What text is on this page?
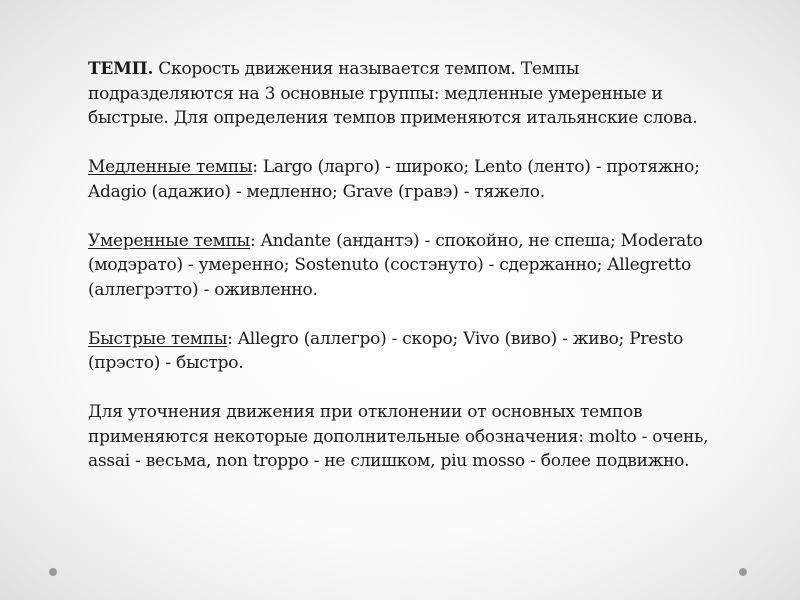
ТЕМП. Скорость движения называется темпом. Темпы подразделяются на 3 основные группы: медленные умеренные и быстрые. Для определения темпов применяются итальянские слова.

Медленные темпы: Largo (ларго) - широко; Lento (ленто) - протяжно; Adagio (адажио) - медленно; Grave (гравэ) - тяжело.

Умеренные темпы: Andante (андантэ) - спокойно, не спеша; Moderato (модэрато) - умеренно; Sostenuto (состэнуто) - сдержанно; Allegretto (аллегрэтто) - оживленно.

Быстрые темпы: Allegro (аллегро) - скоро; Vivo (виво) - живо; Presto (прэсто) - быстро.

Для уточнения движения при отклонении от основных темпов применяются некоторые дополнительные обозначения: molto - очень, assai - весьма, non troppo - не слишком, piu mosso - более подвижно.
